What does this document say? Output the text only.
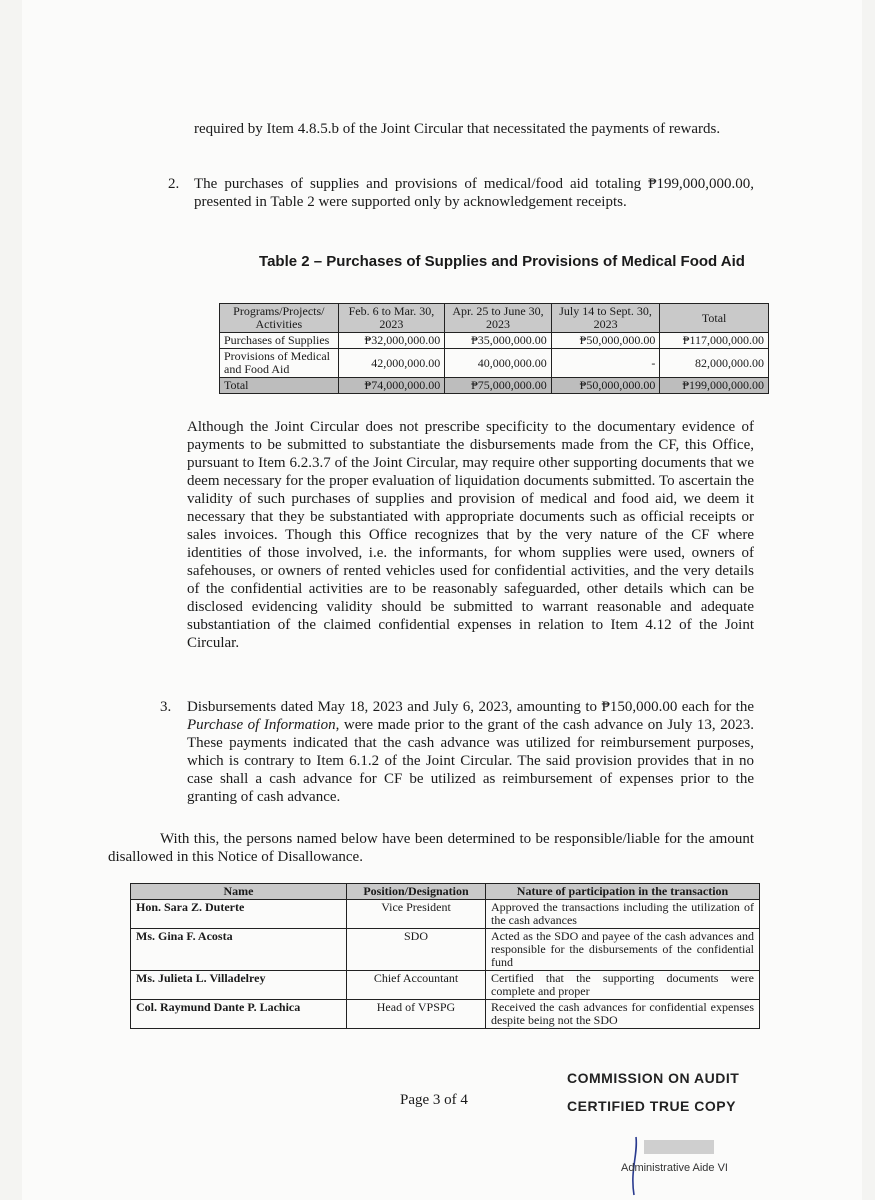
required by Item 4.8.5.b of the Joint Circular that necessitated the payments of rewards.
2. The purchases of supplies and provisions of medical/food aid totaling ₱199,000,000.00, presented in Table 2 were supported only by acknowledgement receipts.
Table 2 – Purchases of Supplies and Provisions of Medical Food Aid
Programs/Projects/ Activities	Feb. 6 to Mar. 30, 2023	Apr. 25 to June 30, 2023	July 14 to Sept. 30, 2023	Total
Purchases of Supplies	₱32,000,000.00	₱35,000,000.00	₱50,000,000.00	₱117,000,000.00
Provisions of Medical and Food Aid	42,000,000.00	40,000,000.00	-	82,000,000.00
Total	₱74,000,000.00	₱75,000,000.00	₱50,000,000.00	₱199,000,000.00
Although the Joint Circular does not prescribe specificity to the documentary evidence of payments to be submitted to substantiate the disbursements made from the CF, this Office, pursuant to Item 6.2.3.7 of the Joint Circular, may require other supporting documents that we deem necessary for the proper evaluation of liquidation documents submitted. To ascertain the validity of such purchases of supplies and provision of medical and food aid, we deem it necessary that they be substantiated with appropriate documents such as official receipts or sales invoices. Though this Office recognizes that by the very nature of the CF where identities of those involved, i.e. the informants, for whom supplies were used, owners of safehouses, or owners of rented vehicles used for confidential activities, and the very details of the confidential activities are to be reasonably safeguarded, other details which can be disclosed evidencing validity should be submitted to warrant reasonable and adequate substantiation of the claimed confidential expenses in relation to Item 4.12 of the Joint Circular.
3. Disbursements dated May 18, 2023 and July 6, 2023, amounting to ₱150,000.00 each for the Purchase of Information, were made prior to the grant of the cash advance on July 13, 2023. These payments indicated that the cash advance was utilized for reimbursement purposes, which is contrary to Item 6.1.2 of the Joint Circular. The said provision provides that in no case shall a cash advance for CF be utilized as reimbursement of expenses prior to the granting of cash advance.
With this, the persons named below have been determined to be responsible/liable for the amount disallowed in this Notice of Disallowance.
Name	Position/Designation	Nature of participation in the transaction
Hon. Sara Z. Duterte	Vice President	Approved the transactions including the utilization of the cash advances
Ms. Gina F. Acosta	SDO	Acted as the SDO and payee of the cash advances and responsible for the disbursements of the confidential fund
Ms. Julieta L. Villadelrey	Chief Accountant	Certified that the supporting documents were complete and proper
Col. Raymund Dante P. Lachica	Head of VPSPG	Received the cash advances for confidential expenses despite being not the SDO
Page 3 of 4
COMMISSION ON AUDIT
CERTIFIED TRUE COPY
Administrative Aide VI
